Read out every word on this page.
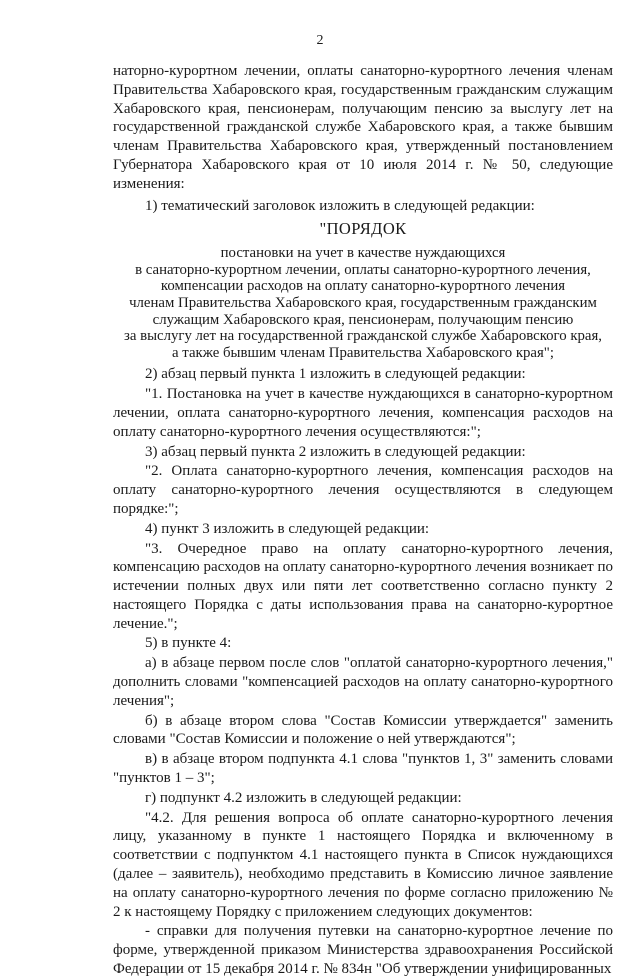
2

наторно-курортном лечении, оплаты санаторно-курортного лечения членам Правительства Хабаровского края, государственным гражданским служащим Хабаровского края, пенсионерам, получающим пенсию за выслугу лет на государственной гражданской службе Хабаровского края, а также бывшим членам Правительства Хабаровского края, утвержденный постановлением Губернатора Хабаровского края от 10 июля 2014 г. № 50, следующие изменения:

1) тематический заголовок изложить в следующей редакции:

"ПОРЯДОК

постановки на учет в качестве нуждающихся

в санаторно-курортном лечении, оплаты санаторно-курортного лечения,

компенсации расходов на оплату санаторно-курортного лечения

членам Правительства Хабаровского края, государственным гражданским

служащим Хабаровского края, пенсионерам, получающим пенсию

за выслугу лет на государственной гражданской службе Хабаровского края,

а также бывшим членам Правительства Хабаровского края";

2) абзац первый пункта 1 изложить в следующей редакции:

"1. Постановка на учет в качестве нуждающихся в санаторно-курортном лечении, оплата санаторно-курортного лечения, компенсация расходов на оплату санаторно-курортного лечения осуществляются:";

3) абзац первый пункта 2 изложить в следующей редакции:

"2. Оплата санаторно-курортного лечения, компенсация расходов на оплату санаторно-курортного лечения осуществляются в следующем порядке:";

4) пункт 3 изложить в следующей редакции:

"3. Очередное право на оплату санаторно-курортного лечения, компенсацию расходов на оплату санаторно-курортного лечения возникает по истечении полных двух или пяти лет соответственно согласно пункту 2 настоящего Порядка с даты использования права на санаторно-курортное лечение.";

5) в пункте 4:

а) в абзаце первом после слов "оплатой санаторно-курортного лечения," дополнить словами "компенсацией расходов на оплату санаторно-курортного лечения";

б) в абзаце втором слова "Состав Комиссии утверждается" заменить словами "Состав Комиссии и положение о ней утверждаются";

в) в абзаце втором подпункта 4.1 слова "пунктов 1, 3" заменить словами "пунктов 1 – 3";

г) подпункт 4.2 изложить в следующей редакции:

"4.2. Для решения вопроса об оплате санаторно-курортного лечения лицу, указанному в пункте 1 настоящего Порядка и включенному в соответствии с подпунктом 4.1 настоящего пункта в Список нуждающихся (далее – заявитель), необходимо представить в Комиссию личное заявление на оплату санаторно-курортного лечения по форме согласно приложению № 2 к настоящему Порядку с приложением следующих документов:

- справки для получения путевки на санаторно-курортное лечение по форме, утвержденной приказом Министерства здравоохранения Российской Федерации от 15 декабря 2014 г. № 834н "Об утверждении унифицированных
